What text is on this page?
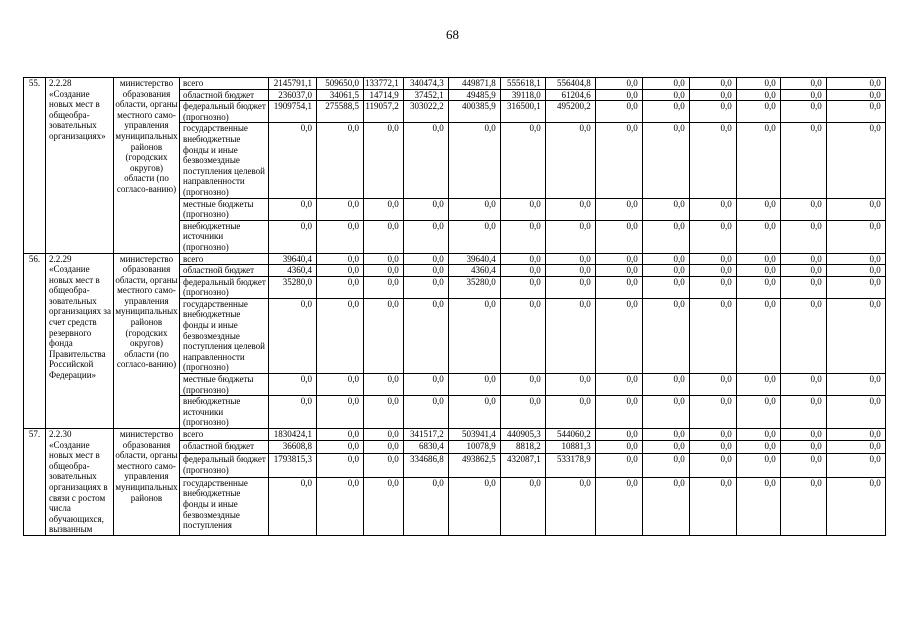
68
55.	2.2.28 «Создание новых мест в общеобра-зовательных организациях»	министерство образования области, органы местного само-управления муниципальных районов (городских округов) области (по согласо-ванию)	всего	2145791,1	509650,0	133772,1	340474,3	449871,8	555618,1	556404,8	0,0	0,0	0,0	0,0	0,0	0,0
			областной бюджет	236037,0	34061,5	14714,9	37452,1	49485,9	39118,0	61204,6	0,0	0,0	0,0	0,0	0,0	0,0
			федеральный бюджет (прогнозно)	1909754,1	275588,5	119057,2	303022,2	400385,9	316500,1	495200,2	0,0	0,0	0,0	0,0	0,0	0,0
			государственные внебюджетные фонды и иные безвозмездные поступления целевой направленности (прогнозно)	0,0	0,0	0,0	0,0	0,0	0,0	0,0	0,0	0,0	0,0	0,0	0,0	0,0
			местные бюджеты (прогнозно)	0,0	0,0	0,0	0,0	0,0	0,0	0,0	0,0	0,0	0,0	0,0	0,0	0,0
			внебюджетные источники (прогнозно)	0,0	0,0	0,0	0,0	0,0	0,0	0,0	0,0	0,0	0,0	0,0	0,0	0,0
56.	2.2.29 «Создание новых мест в общеобра-зовательных организациях за счет средств резервного фонда Правительства Российской Федерации»	министерство образования области, органы местного само-управления муниципальных районов (городских округов) области (по согласо-ванию)	всего	39640,4	0,0	0,0	0,0	39640,4	0,0	0,0	0,0	0,0	0,0	0,0	0,0	0,0
			областной бюджет	4360,4	0,0	0,0	0,0	4360,4	0,0	0,0	0,0	0,0	0,0	0,0	0,0	0,0
			федеральный бюджет (прогнозно)	35280,0	0,0	0,0	0,0	35280,0	0,0	0,0	0,0	0,0	0,0	0,0	0,0	0,0
			государственные внебюджетные фонды и иные безвозмездные поступления целевой направленности (прогнозно)	0,0	0,0	0,0	0,0	0,0	0,0	0,0	0,0	0,0	0,0	0,0	0,0	0,0
			местные бюджеты (прогнозно)	0,0	0,0	0,0	0,0	0,0	0,0	0,0	0,0	0,0	0,0	0,0	0,0	0,0
			внебюджетные источники (прогнозно)	0,0	0,0	0,0	0,0	0,0	0,0	0,0	0,0	0,0	0,0	0,0	0,0	0,0
57.	2.2.30 «Создание новых мест в общеобра-зовательных организациях в связи с ростом числа обучающихся, вызванным	министерство образования области, органы местного само-управления муниципальных районов	всего	1830424,1	0,0	0,0	341517,2	503941,4	440905,3	544060,2	0,0	0,0	0,0	0,0	0,0	0,0
			областной бюджет	36608,8	0,0	0,0	6830,4	10078,9	8818,2	10881,3	0,0	0,0	0,0	0,0	0,0	0,0
			федеральный бюджет (прогнозно)	1793815,3	0,0	0,0	334686,8	493862,5	432087,1	533178,9	0,0	0,0	0,0	0,0	0,0	0,0
			государственные внебюджетные фонды и иные безвозмездные поступления	0,0	0,0	0,0	0,0	0,0	0,0	0,0	0,0	0,0	0,0	0,0	0,0	0,0
